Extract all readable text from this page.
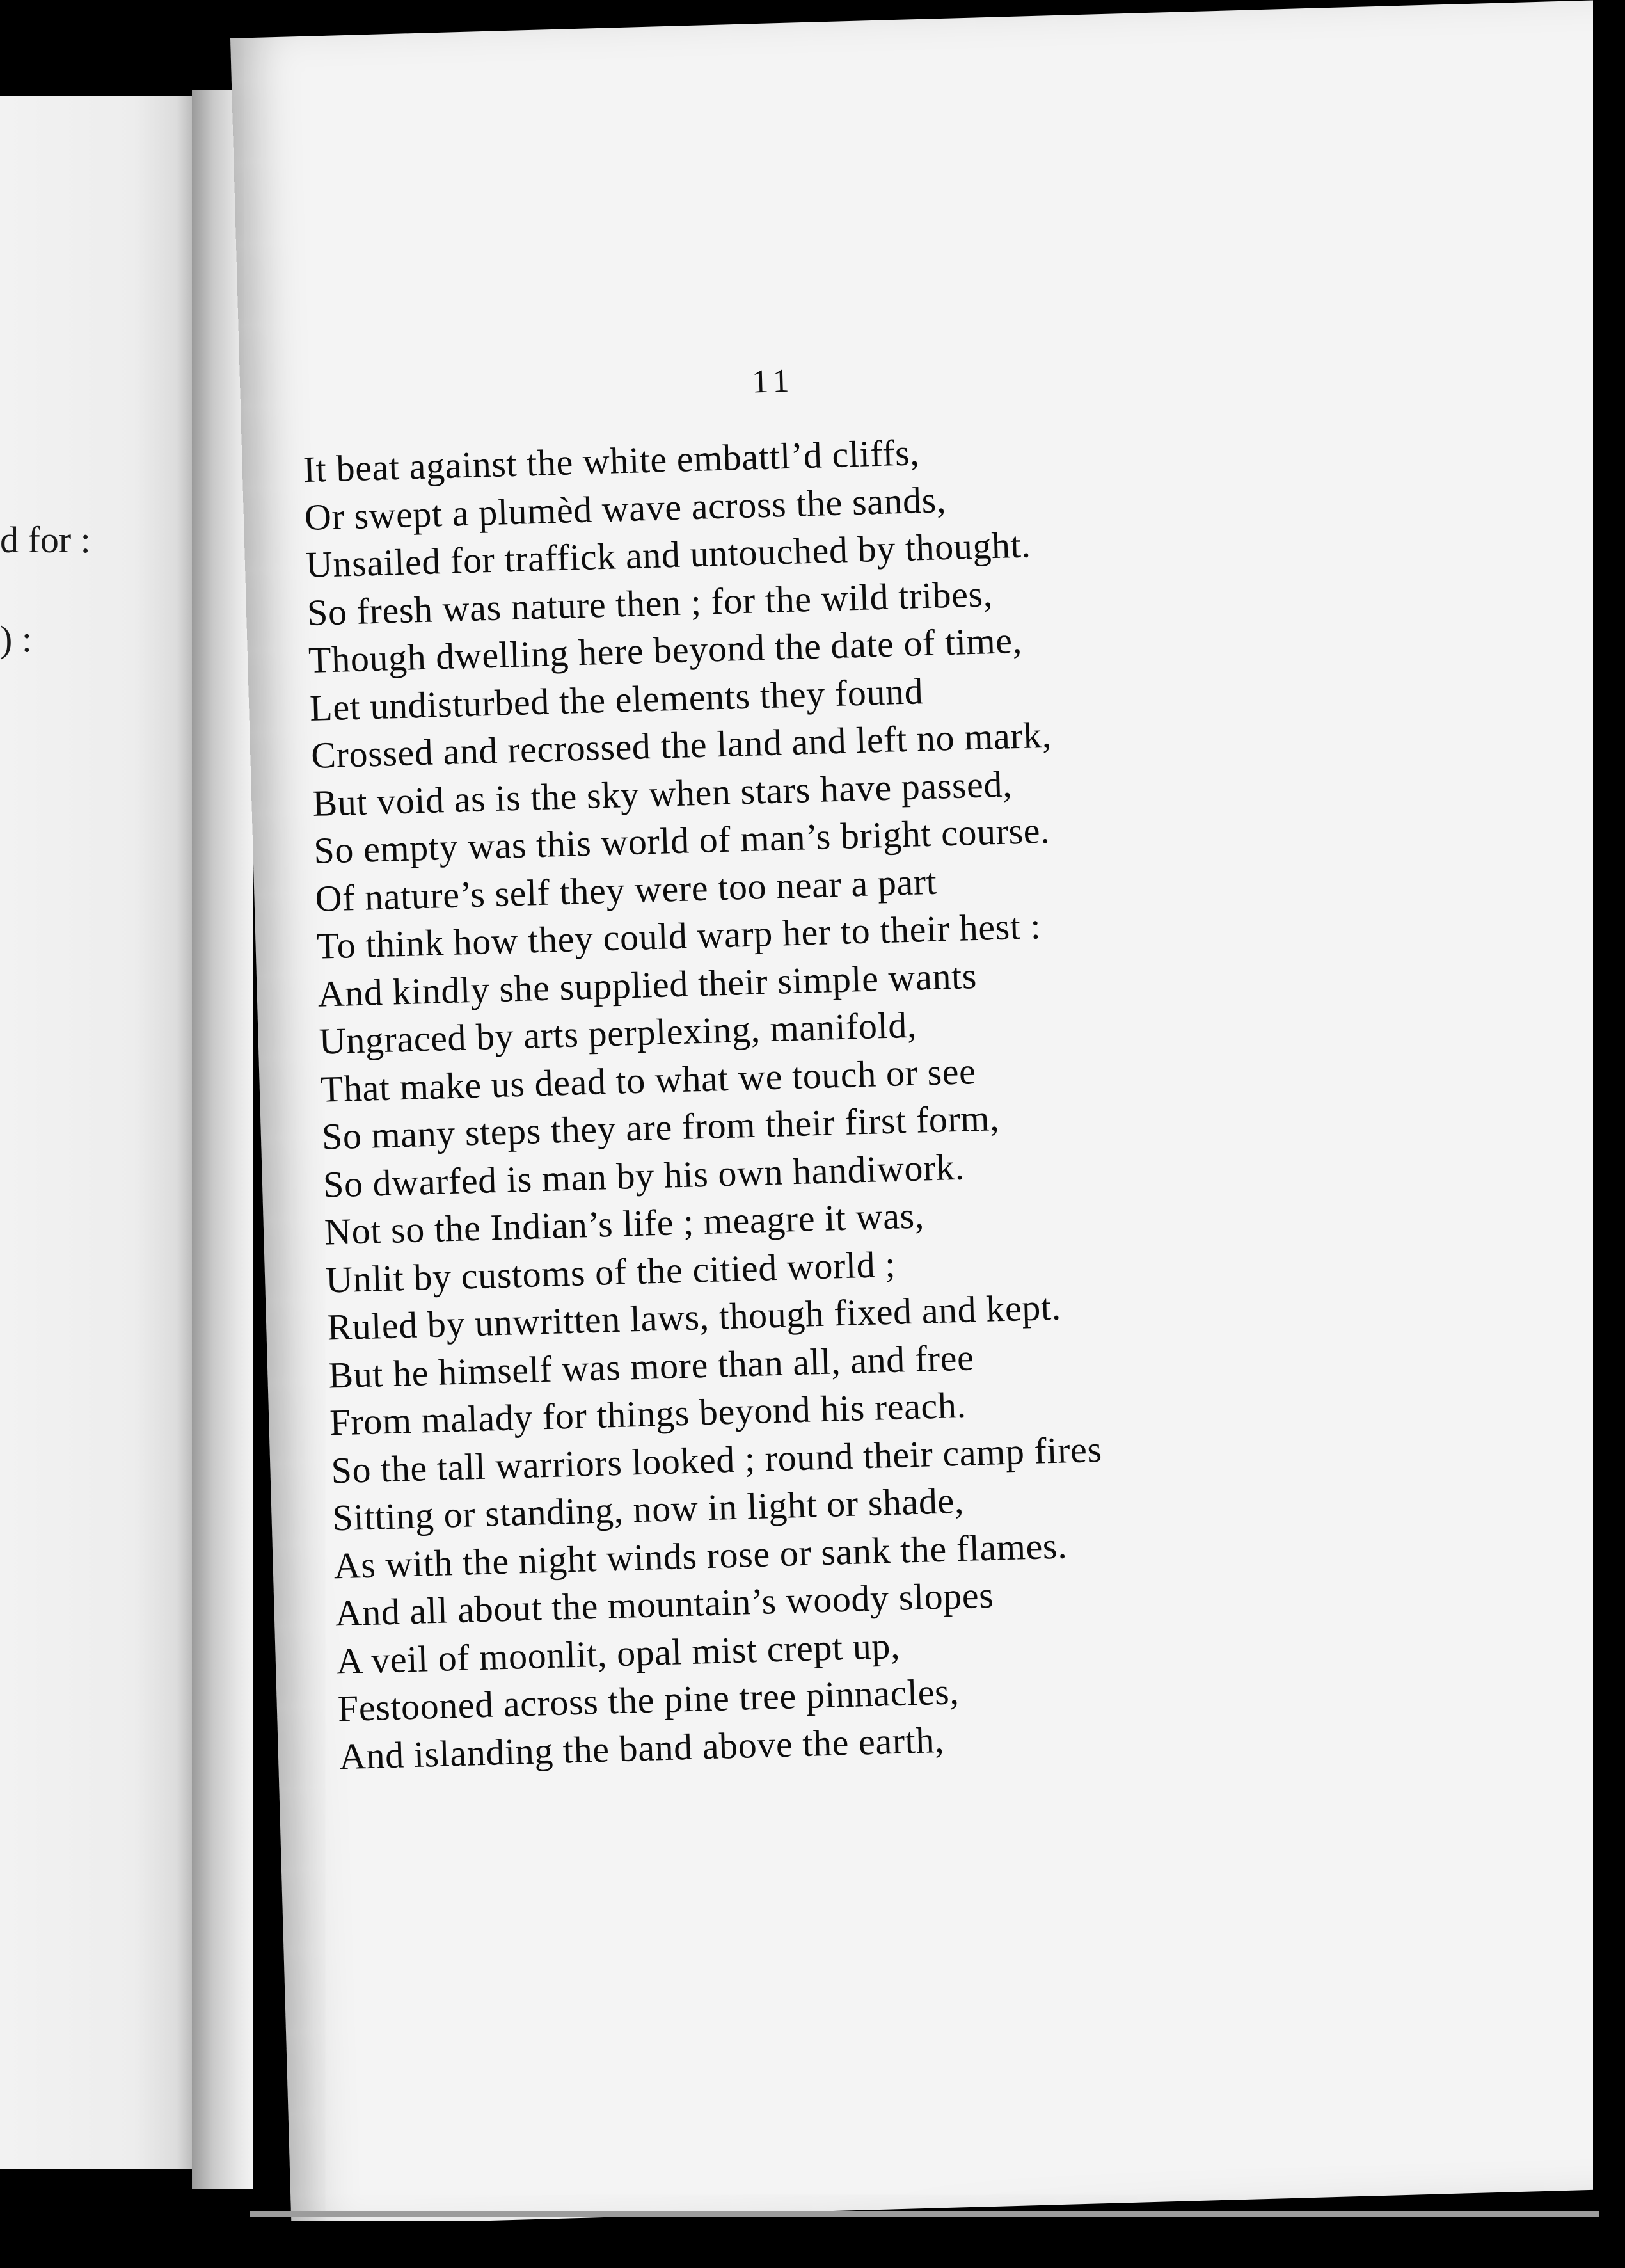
d for :
) :
11
It beat against the white embattl’d cliffs,
Or swept a plumèd wave across the sands,
Unsailed for traffick and untouched by thought.
So fresh was nature then ; for the wild tribes,
Though dwelling here beyond the date of time,
Let undisturbed the elements they found
Crossed and recrossed the land and left no mark,
But void as is the sky when stars have passed,
So empty was this world of man’s bright course.
Of nature’s self they were too near a part
To think how they could warp her to their hest :
And kindly she supplied their simple wants
Ungraced by arts perplexing, manifold,
That make us dead to what we touch or see
So many steps they are from their first form,
So dwarfed is man by his own handiwork.
Not so the Indian’s life ; meagre it was,
Unlit by customs of the citied world ;
Ruled by unwritten laws, though fixed and kept.
But he himself was more than all, and free
From malady for things beyond his reach.
So the tall warriors looked ; round their camp fires
Sitting or standing, now in light or shade,
As with the night winds rose or sank the flames.
And all about the mountain’s woody slopes
A veil of moonlit, opal mist crept up,
Festooned across the pine tree pinnacles,
And islanding the band above the earth,
